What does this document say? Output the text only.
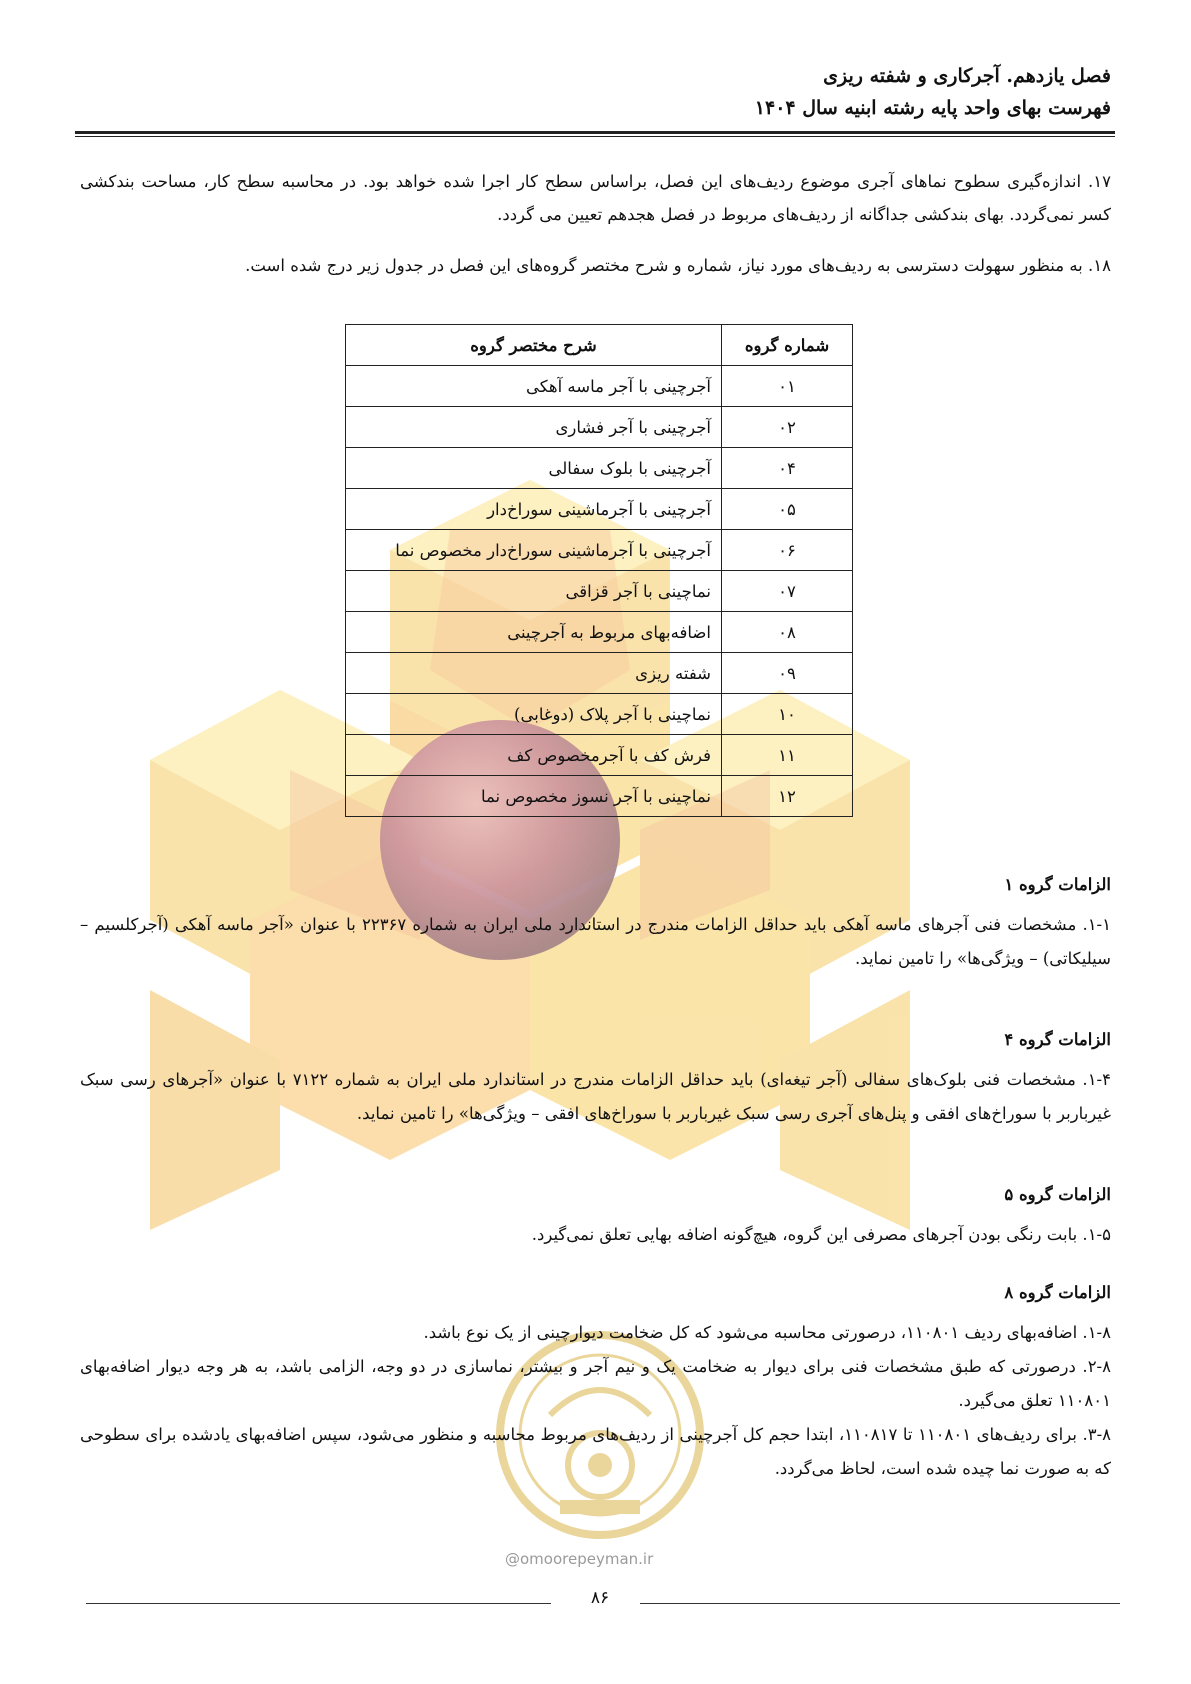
فصل یازدهم. آجرکاری و شفته ریزی
فهرست بهای واحد پایه رشته ابنیه سال ۱۴۰۴
۱۷. اندازه‌گیری سطوح نماهای آجری موضوع ردیف‌های این فصل، براساس سطح کار اجرا شده خواهد بود. در محاسبه سطح کار، مساحت بندکشی کسر نمی‌گردد. بهای بندکشی جداگانه از ردیف‌های مربوط در فصل هجدهم تعیین می گردد.
۱۸. به منظور سهولت دسترسی به ردیف‌های مورد نیاز، شماره و شرح مختصر گروه‌های این فصل در جدول زیر درج شده است.
شماره گروه	شرح مختصر گروه
۰۱	آجرچینی با آجر ماسه آهکی
۰۲	آجرچینی با آجر فشاری
۰۴	آجرچینی با بلوک سفالی
۰۵	آجرچینی با آجرماشینی سوراخ‌دار
۰۶	آجرچینی با آجرماشینی سوراخ‌دار مخصوص نما
۰۷	نماچینی با آجر قزاقی
۰۸	اضافه‌بهای مربوط به آجرچینی
۰۹	شفته ریزی
۱۰	نماچینی با آجر پلاک (دوغابی)
۱۱	فرش کف با آجرمخصوص کف
۱۲	نماچینی با آجر نسوز مخصوص نما
الزامات گروه ۱
۱-۱. مشخصات فنی آجرهای ماسه آهکی باید حداقل الزامات مندرج در استاندارد ملی ایران به شماره ۲۲۳۶۷ با عنوان «آجر ماسه آهکی (آجرکلسیم – سیلیکاتی) – ویژگی‌ها» را تامین نماید.
الزامات گروه ۴
۱-۴. مشخصات فنی بلوک‌های سفالی (آجر تیغه‌ای) باید حداقل الزامات مندرج در استاندارد ملی ایران به شماره ۷۱۲۲ با عنوان «آجرهای رسی سبک غیرباربر با سوراخ‌های افقی و پنل‌های آجری رسی سبک غیرباربر با سوراخ‌های افقی – ویژگی‌ها» را تامین نماید.
الزامات گروه ۵
۱-۵. بابت رنگی بودن آجرهای مصرفی این گروه، هیچ‌گونه اضافه بهایی تعلق نمی‌گیرد.
الزامات گروه ۸
۱-۸. اضافه‌بهای ردیف ۱۱۰۸۰۱، درصورتی محاسبه می‌شود که کل ضخامت دیوارچینی از یک نوع باشد.
۲-۸. درصورتی که طبق مشخصات فنی برای دیوار به ضخامت یک و نیم آجر و بیشتر، نماسازی در دو وجه، الزامی باشد، به هر وجه دیوار اضافه‌بهای ۱۱۰۸۰۱ تعلق می‌گیرد.
۳-۸. برای ردیف‌های ۱۱۰۸۰۱ تا ۱۱۰۸۱۷، ابتدا حجم کل آجرچینی از ردیف‌های مربوط محاسبه و منظور می‌شود، سپس اضافه‌بهای یادشده برای سطوحی که به صورت نما چیده شده است، لحاظ می‌گردد.
@omoorepeyman.ir
۸۶
